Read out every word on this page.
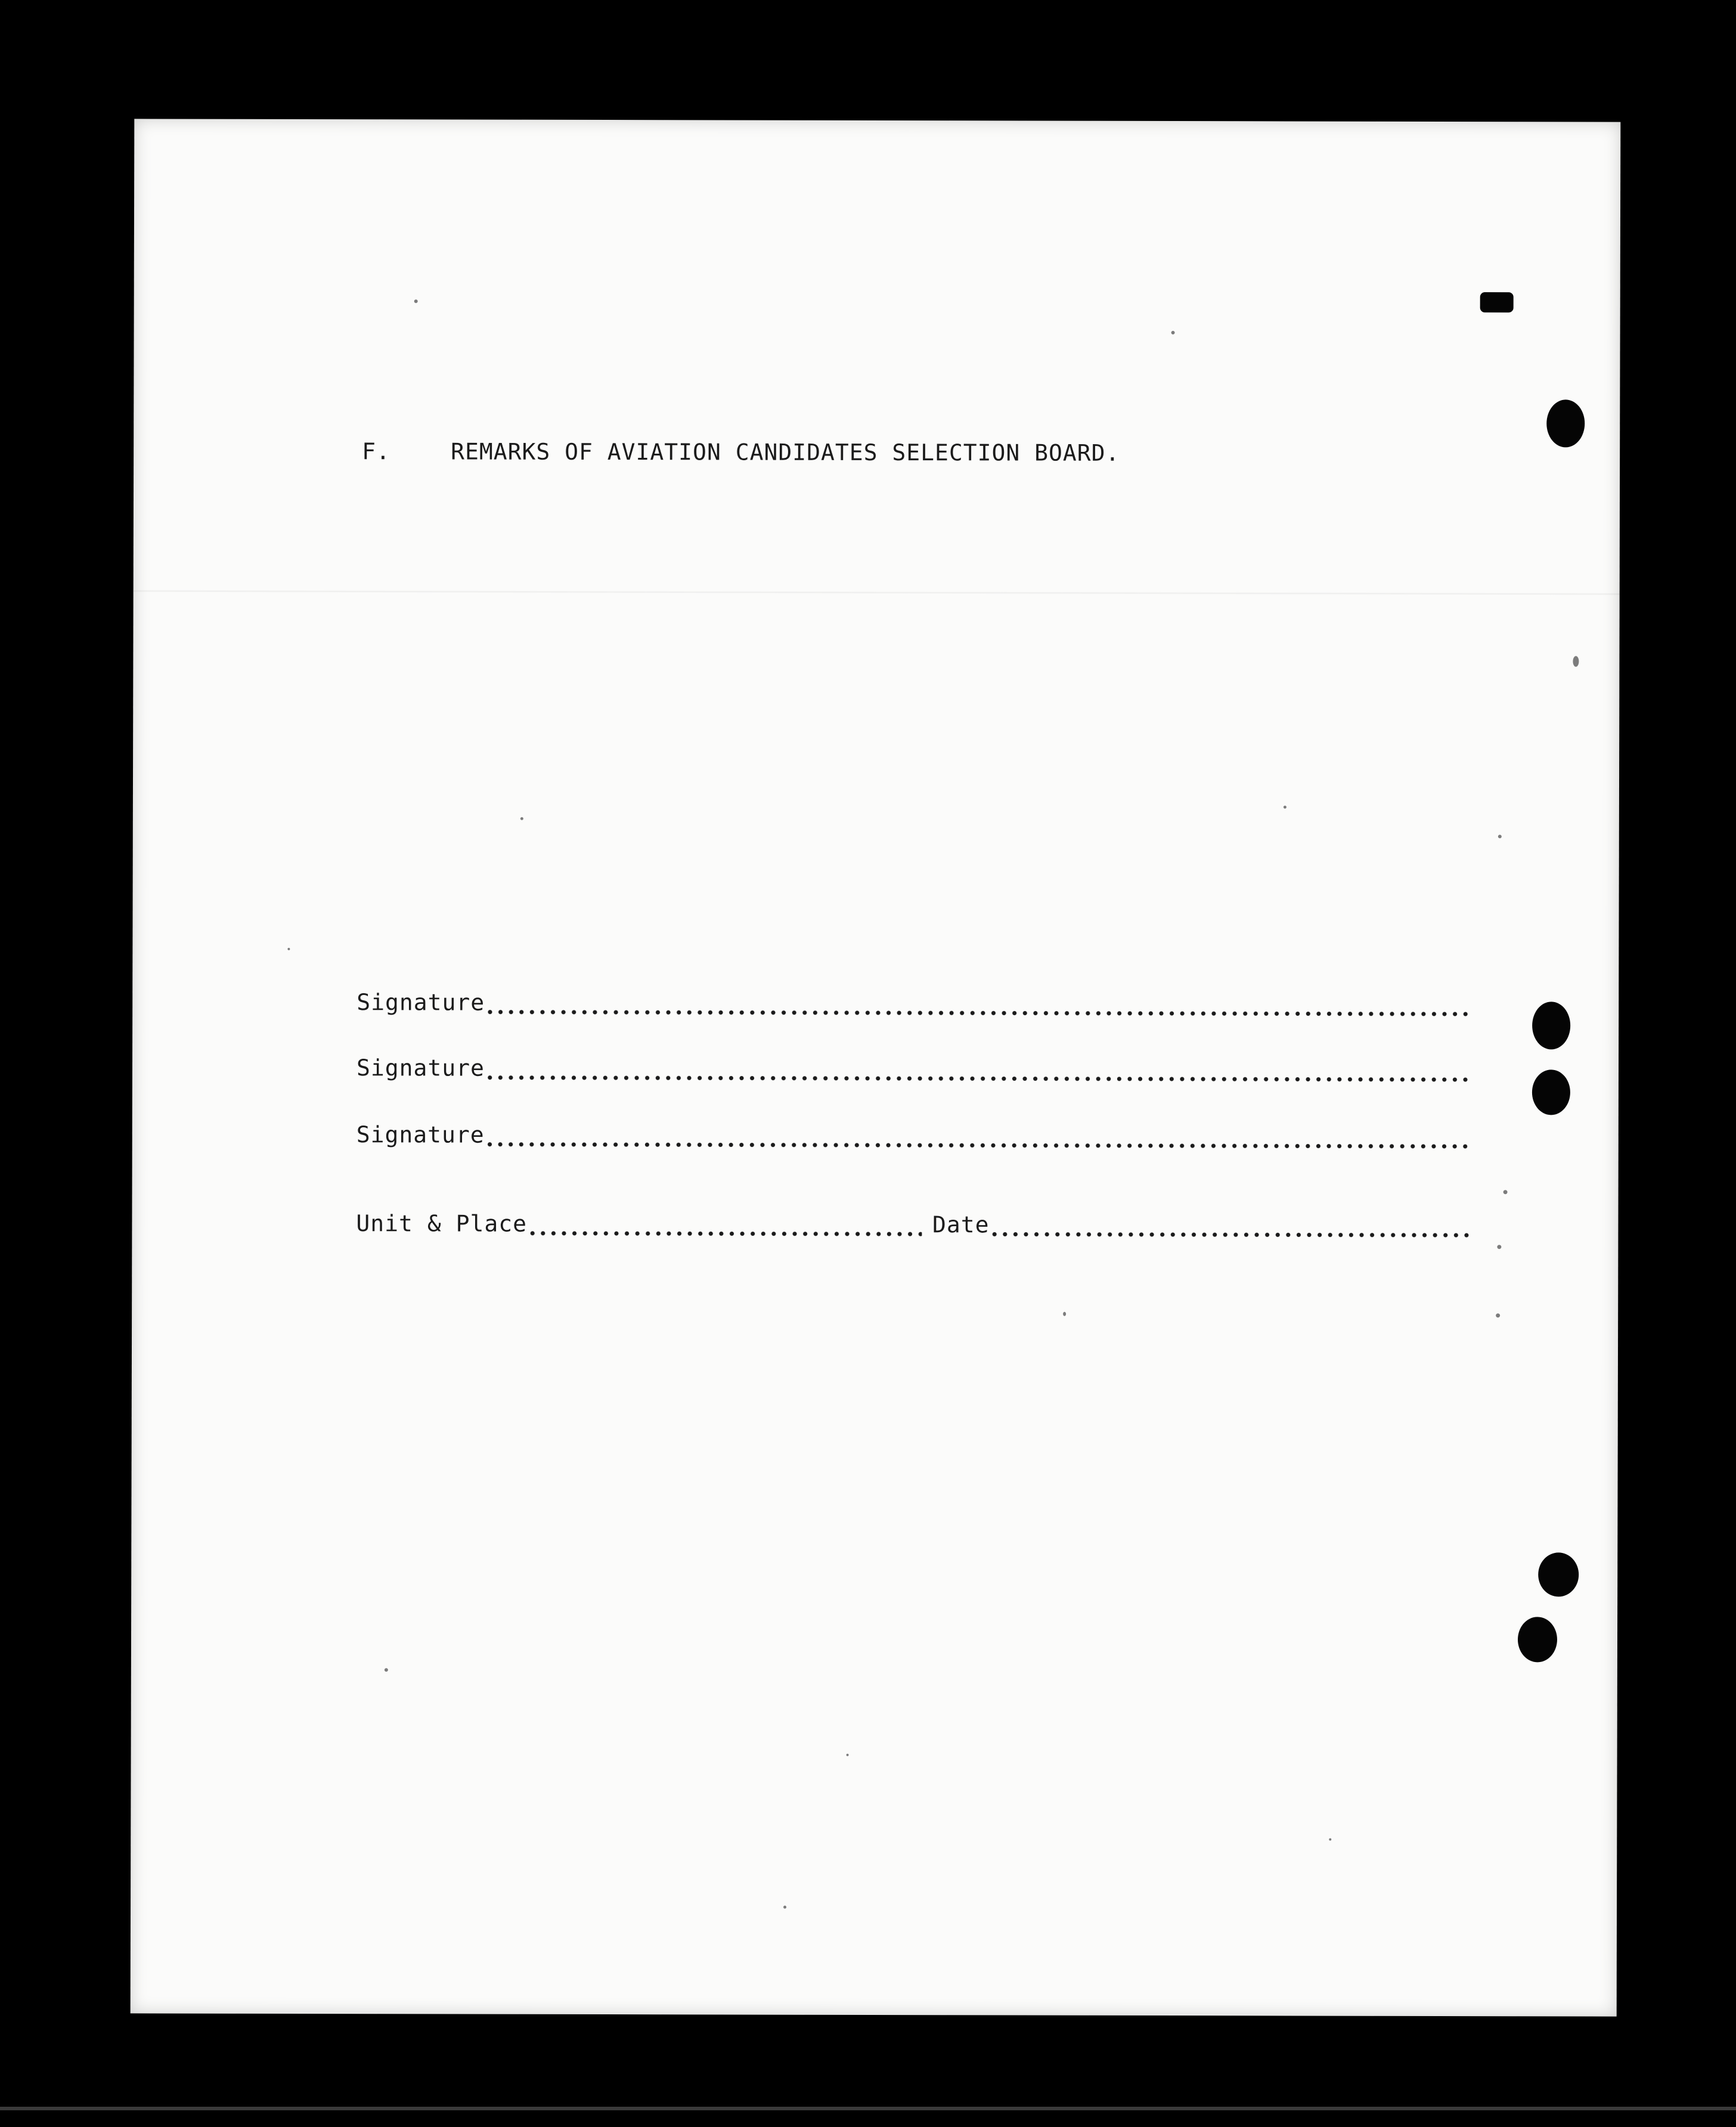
F.	REMARKS OF AVIATION CANDIDATES SELECTION BOARD.
Signature
Signature
Signature
Unit & Place	Date
